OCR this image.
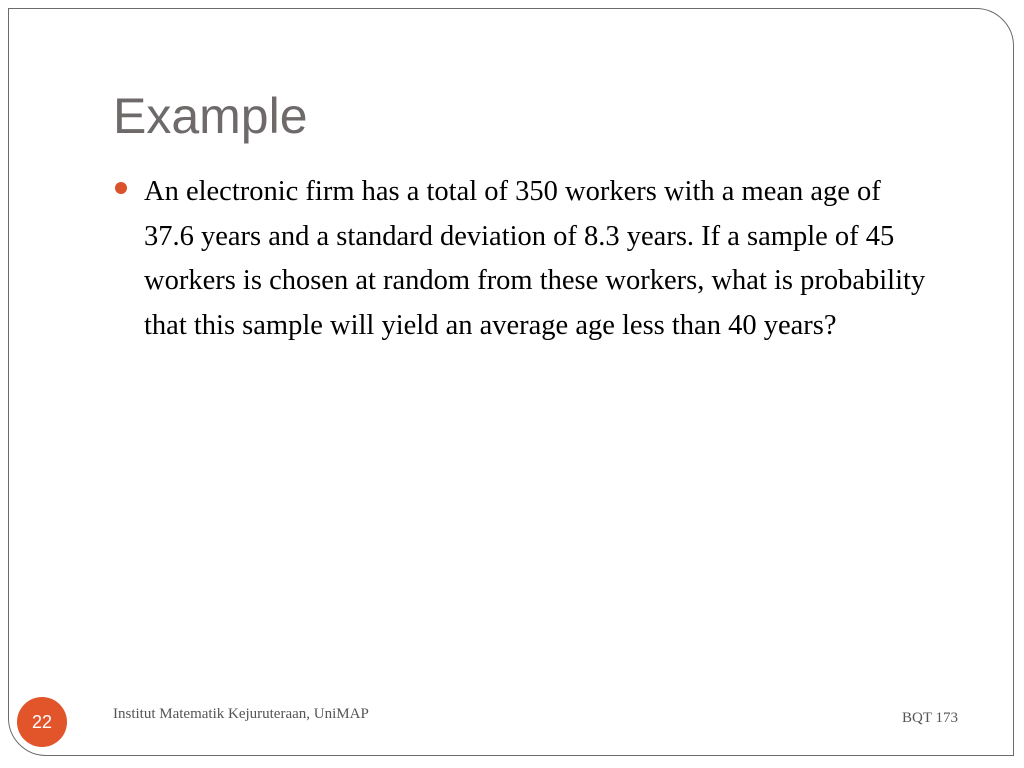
Example
An electronic firm has a total of 350 workers with a mean age of 37.6 years and a standard deviation of 8.3 years. If a sample of 45 workers is chosen at random from these workers, what is probability that this sample will yield an average age less than 40 years?
22	Institut Matematik Kejuruteraan, UniMAP	BQT 173
